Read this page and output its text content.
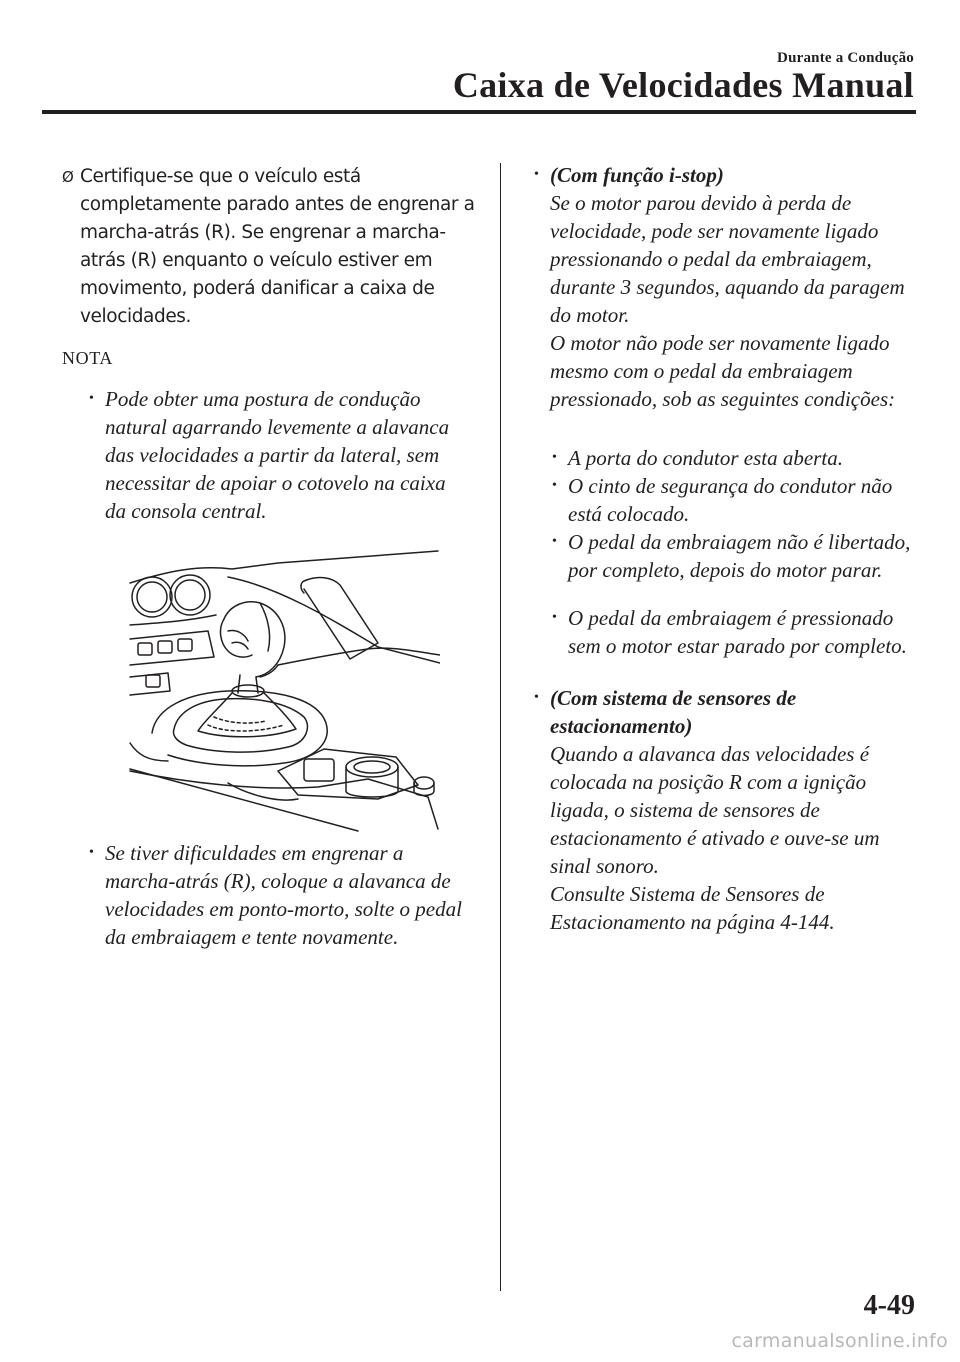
Durante a Condução
Caixa de Velocidades Manual
Ø Certifique-se que o veículo está completamente parado antes de engrenar a marcha-atrás (R). Se engrenar a marcha-atrás (R) enquanto o veículo estiver em movimento, poderá danificar a caixa de velocidades.
NOTA
• Pode obter uma postura de condução natural agarrando levemente a alavanca das velocidades a partir da lateral, sem necessitar de apoiar o cotovelo na caixa da consola central.
• Se tiver dificuldades em engrenar a marcha-atrás (R), coloque a alavanca de velocidades em ponto-morto, solte o pedal da embraiagem e tente novamente.
• (Com função i-stop)
Se o motor parou devido à perda de velocidade, pode ser novamente ligado pressionando o pedal da embraiagem, durante 3 segundos, aquando da paragem do motor.
O motor não pode ser novamente ligado mesmo com o pedal da embraiagem pressionado, sob as seguintes condições:
• A porta do condutor esta aberta.
• O cinto de segurança do condutor não está colocado.
• O pedal da embraiagem não é libertado, por completo, depois do motor parar.
• O pedal da embraiagem é pressionado sem o motor estar parado por completo.
• (Com sistema de sensores de estacionamento)
Quando a alavanca das velocidades é colocada na posição R com a ignição ligada, o sistema de sensores de estacionamento é ativado e ouve-se um sinal sonoro.
Consulte Sistema de Sensores de Estacionamento na página 4-144.
4-49
carmanualsonline.info
